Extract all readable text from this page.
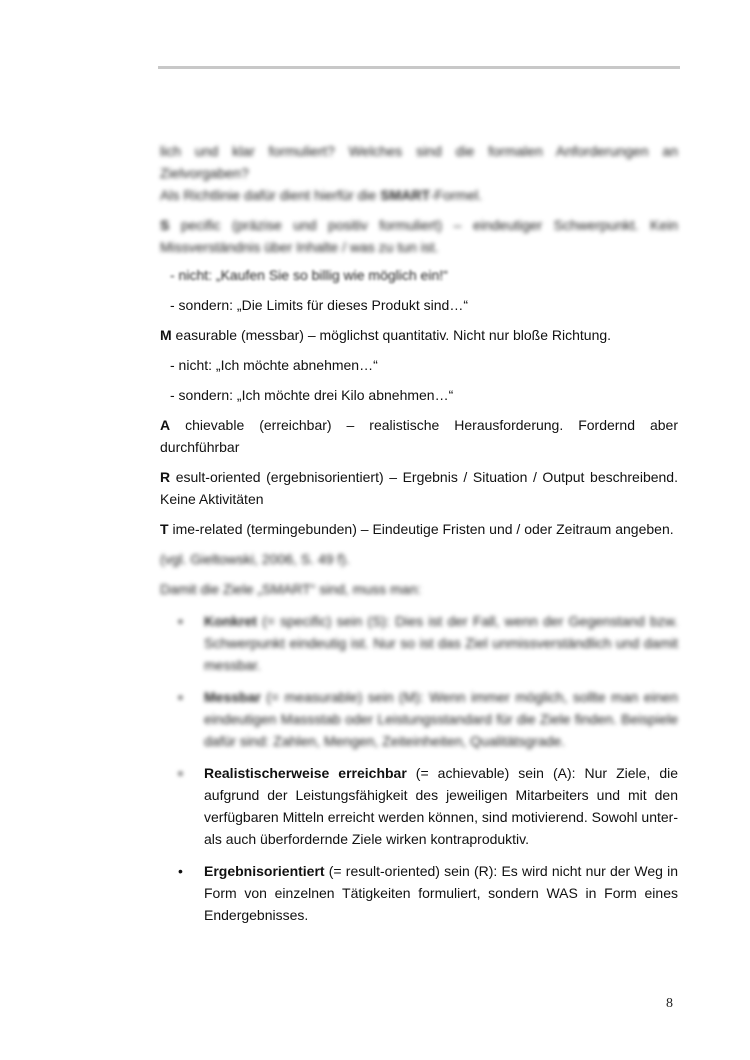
lich und klar formuliert? Welches sind die formalen Anforderungen an Zielvorgaben?

Als Richtlinie dafür dient hierfür die SMART-Formel.

S pecific (präzise und positiv formuliert) – eindeutiger Schwerpunkt. Kein Missverständnis über Inhalte / was zu tun ist.

- nicht: „Kaufen Sie so billig wie möglich ein!“

- sondern: „Die Limits für dieses Produkt sind…“

M easurable (messbar) – möglichst quantitativ. Nicht nur bloße Richtung.

- nicht: „Ich möchte abnehmen…“

- sondern: „Ich möchte drei Kilo abnehmen…“

A chievable (erreichbar) – realistische Herausforderung. Fordernd aber durchführbar

R esult-oriented (ergebnisorientiert) – Ergebnis / Situation / Output beschreibend. Keine Aktivitäten

T ime-related (termingebunden) – Eindeutige Fristen und / oder Zeitraum angeben.

(vgl. Gieltowski, 2006, S. 49 f).

Damit die Ziele „SMART“ sind, muss man:

• Konkret (= specific) sein (S): Dies ist der Fall, wenn der Gegenstand bzw. Schwerpunkt eindeutig ist. Nur so ist das Ziel unmissverständlich und damit messbar.

• Messbar (= measurable) sein (M): Wenn immer möglich, sollte man einen eindeutigen Massstab oder Leistungsstandard für die Ziele finden. Beispiele dafür sind: Zahlen, Mengen, Zeiteinheiten, Qualitätsgrade.

• Realistischerweise erreichbar (= achievable) sein (A): Nur Ziele, die aufgrund der Leistungsfähigkeit des jeweiligen Mitarbeiters und mit den verfügbaren Mitteln erreicht werden können, sind motivierend. Sowohl unter- als auch überfordernde Ziele wirken kontraproduktiv.

• Ergebnisorientiert (= result-oriented) sein (R): Es wird nicht nur der Weg in Form von einzelnen Tätigkeiten formuliert, sondern WAS in Form eines Endergebnisses.

8
